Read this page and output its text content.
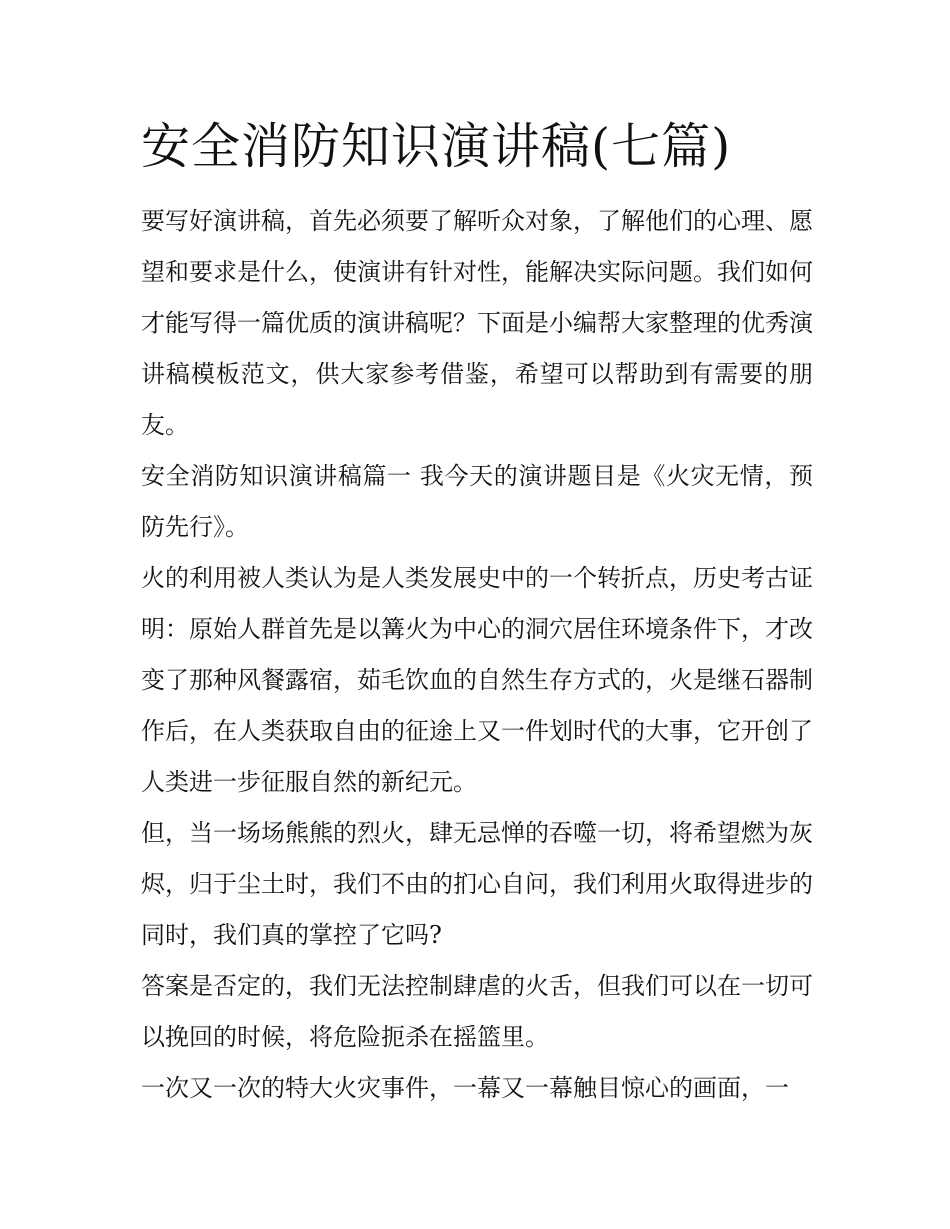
安全消防知识演讲稿(七篇)

要写好演讲稿，首先必须要了解听众对象，了解他们的心理、愿望和要求是什么，使演讲有针对性，能解决实际问题。我们如何才能写得一篇优质的演讲稿呢？下面是小编帮大家整理的优秀演讲稿模板范文，供大家参考借鉴，希望可以帮助到有需要的朋友。

安全消防知识演讲稿篇一 我今天的演讲题目是《火灾无情，预防先行》。

火的利用被人类认为是人类发展史中的一个转折点，历史考古证明：原始人群首先是以篝火为中心的洞穴居住环境条件下，才改变了那种风餐露宿，茹毛饮血的自然生存方式的，火是继石器制作后，在人类获取自由的征途上又一件划时代的大事，它开创了人类进一步征服自然的新纪元。

但，当一场场熊熊的烈火，肆无忌惮的吞噬一切，将希望燃为灰烬，归于尘土时，我们不由的扪心自问，我们利用火取得进步的同时，我们真的掌控了它吗?

答案是否定的，我们无法控制肆虐的火舌，但我们可以在一切可以挽回的时候，将危险扼杀在摇篮里。

一次又一次的特大火灾事件，一幕又一幕触目惊心的画面，一
